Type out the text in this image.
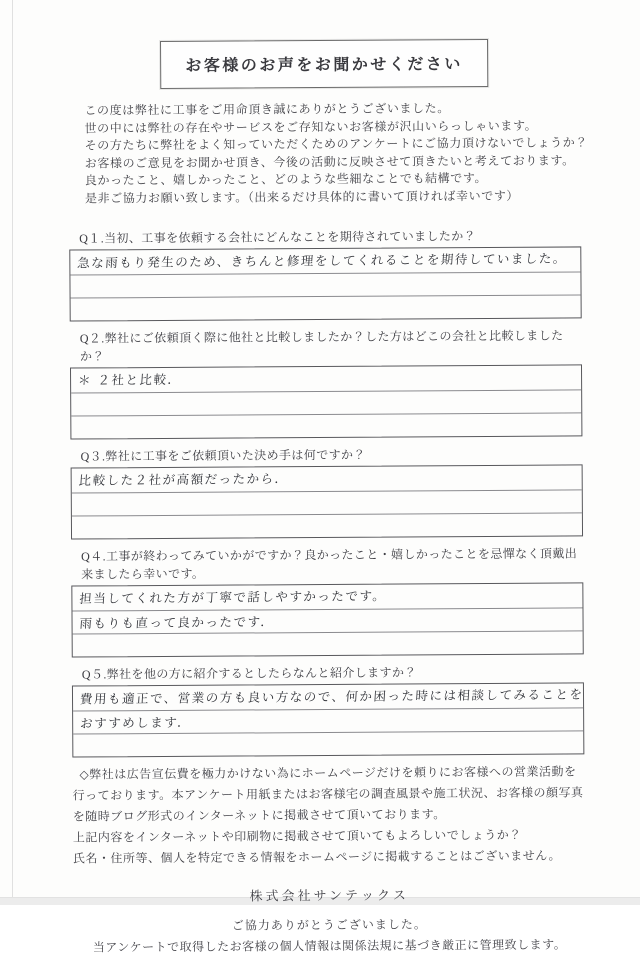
お客様のお声をお聞かせください

この度は弊社に工事をご用命頂き誠にありがとうございました。

世の中には弊社の存在やサービスをご存知ないお客様が沢山いらっしゃいます。

その方たちに弊社をよく知っていただくためのアンケートにご協力頂けないでしょうか？

お客様のご意見をお聞かせ頂き、今後の活動に反映させて頂きたいと考えております。

良かったこと、嬉しかったこと、どのような些細なことでも結構です。

是非ご協力お願い致します。（出来るだけ具体的に書いて頂ければ幸いです）

Q１.当初、工事を依頼する会社にどんなことを期待されていましたか？

急な雨もり発生のため、きちんと修理をしてくれることを期待していました。

Q２.弊社にご依頼頂く際に他社と比較しましたか？した方はどこの会社と比較しましたか？

＊ ２社と比較．

Q３.弊社に工事をご依頼頂いた決め手は何ですか？

比較した２社が高額だったから．

Q４.工事が終わってみていかがですか？良かったこと・嬉しかったことを忌憚なく頂戴出来ましたら幸いです。

担当してくれた方が丁寧で話しやすかったです。
雨もりも直って良かったです．

Q５.弊社を他の方に紹介するとしたらなんと紹介しますか？

費用も適正で、営業の方も良い方なので、何か困った時には相談してみることを
おすすめします．

◇弊社は広告宣伝費を極力かけない為にホームページだけを頼りにお客様への営業活動を

行っております。本アンケート用紙またはお客様宅の調査風景や施工状況、お客様の顔写真

を随時ブログ形式のインターネットに掲載させて頂いております。

上記内容をインターネットや印刷物に掲載させて頂いてもよろしいでしょうか？

氏名・住所等、個人を特定できる情報をホームページに掲載することはございません。

株式会社サンテックス

ご協力ありがとうございました。

当アンケートで取得したお客様の個人情報は関係法規に基づき厳正に管理致します。
